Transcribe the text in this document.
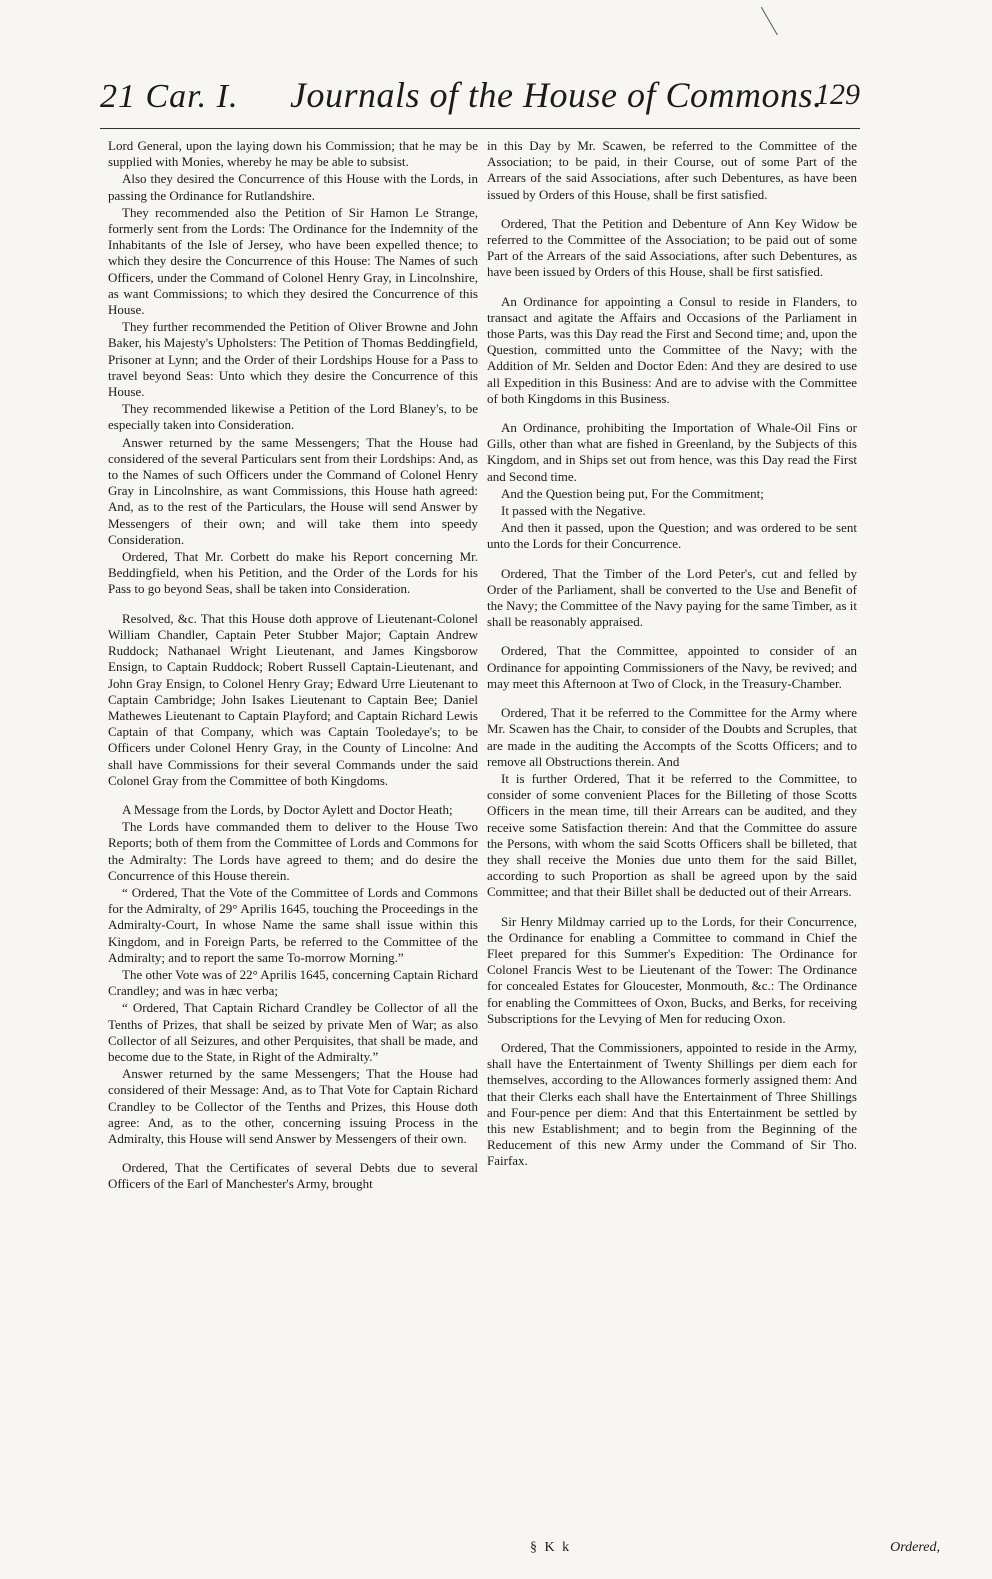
21 Car. I. Journals of the House of Commons.
129

Lord General, upon the laying down his Commission; that he may be supplied with Monies, whereby he may be able to subsist.

Also they desired the Concurrence of this House with the Lords, in passing the Ordinance for Rutlandshire.

They recommended also the Petition of Sir Hamon Le Strange, formerly sent from the Lords: The Ordinance for the Indemnity of the Inhabitants of the Isle of Jersey, who have been expelled thence; to which they desire the Concurrence of this House: The Names of such Officers, under the Command of Colonel Henry Gray, in Lincolnshire, as want Commissions; to which they desired the Concurrence of this House.

They further recommended the Petition of Oliver Browne and John Baker, his Majesty's Upholsters: The Petition of Thomas Beddingfield, Prisoner at Lynn; and the Order of their Lordships House for a Pass to travel beyond Seas: Unto which they desire the Concurrence of this House.

They recommended likewise a Petition of the Lord Blaney's, to be especially taken into Consideration.

Answer returned by the same Messengers; That the House had considered of the several Particulars sent from their Lordships: And, as to the Names of such Officers under the Command of Colonel Henry Gray in Lincolnshire, as want Commissions, this House hath agreed: And, as to the rest of the Particulars, the House will send Answer by Messengers of their own; and will take them into speedy Consideration.

Ordered, That Mr. Corbett do make his Report concerning Mr. Beddingfield, when his Petition, and the Order of the Lords for his Pass to go beyond Seas, shall be taken into Consideration.

Resolved, &c. That this House doth approve of Lieutenant-Colonel William Chandler, Captain Peter Stubber Major; Captain Andrew Ruddock; Nathanael Wright Lieutenant, and James Kingsborow Ensign, to Captain Ruddock; Robert Russell Captain-Lieutenant, and John Gray Ensign, to Colonel Henry Gray; Edward Urre Lieutenant to Captain Cambridge; John Isakes Lieutenant to Captain Bee; Daniel Mathewes Lieutenant to Captain Playford; and Captain Richard Lewis Captain of that Company, which was Captain Tooledaye's; to be Officers under Colonel Henry Gray, in the County of Lincolne: And shall have Commissions for their several Commands under the said Colonel Gray from the Committee of both Kingdoms.

A Message from the Lords, by Doctor Aylett and Doctor Heath;

The Lords have commanded them to deliver to the House Two Reports; both of them from the Committee of Lords and Commons for the Admiralty: The Lords have agreed to them; and do desire the Concurrence of this House therein.

“ Ordered, That the Vote of the Committee of Lords and Commons for the Admiralty, of 29° Aprilis 1645, touching the Proceedings in the Admiralty-Court, In whose Name the same shall issue within this Kingdom, and in Foreign Parts, be referred to the Committee of the Admiralty; and to report the same To-morrow Morning.”

The other Vote was of 22° Aprilis 1645, concerning Captain Richard Crandley; and was in hæc verba;

“ Ordered, That Captain Richard Crandley be Collector of all the Tenths of Prizes, that shall be seized by private Men of War; as also Collector of all Seizures, and other Perquisites, that shall be made, and become due to the State, in Right of the Admiralty.”

Answer returned by the same Messengers; That the House had considered of their Message: And, as to That Vote for Captain Richard Crandley to be Collector of the Tenths and Prizes, this House doth agree: And, as to the other, concerning issuing Process in the Admiralty, this House will send Answer by Messengers of their own.

Ordered, That the Certificates of several Debts due to several Officers of the Earl of Manchester's Army, brought

in this Day by Mr. Scawen, be referred to the Committee of the Association; to be paid, in their Course, out of some Part of the Arrears of the said Associations, after such Debentures, as have been issued by Orders of this House, shall be first satisfied.

Ordered, That the Petition and Debenture of Ann Key Widow be referred to the Committee of the Association; to be paid out of some Part of the Arrears of the said Associations, after such Debentures, as have been issued by Orders of this House, shall be first satisfied.

An Ordinance for appointing a Consul to reside in Flanders, to transact and agitate the Affairs and Occasions of the Parliament in those Parts, was this Day read the First and Second time; and, upon the Question, committed unto the Committee of the Navy; with the Addition of Mr. Selden and Doctor Eden: And they are desired to use all Expedition in this Business: And are to advise with the Committee of both Kingdoms in this Business.

An Ordinance, prohibiting the Importation of Whale-Oil Fins or Gills, other than what are fished in Greenland, by the Subjects of this Kingdom, and in Ships set out from hence, was this Day read the First and Second time.

And the Question being put, For the Commitment;

It passed with the Negative.

And then it passed, upon the Question; and was ordered to be sent unto the Lords for their Concurrence.

Ordered, That the Timber of the Lord Peter's, cut and felled by Order of the Parliament, shall be converted to the Use and Benefit of the Navy; the Committee of the Navy paying for the same Timber, as it shall be reasonably appraised.

Ordered, That the Committee, appointed to consider of an Ordinance for appointing Commissioners of the Navy, be revived; and may meet this Afternoon at Two of Clock, in the Treasury-Chamber.

Ordered, That it be referred to the Committee for the Army where Mr. Scawen has the Chair, to consider of the Doubts and Scruples, that are made in the auditing the Accompts of the Scotts Officers; and to remove all Obstructions therein. And

It is further Ordered, That it be referred to the Committee, to consider of some convenient Places for the Billeting of those Scotts Officers in the mean time, till their Arrears can be audited, and they receive some Satisfaction therein: And that the Committee do assure the Persons, with whom the said Scotts Officers shall be billeted, that they shall receive the Monies due unto them for the said Billet, according to such Proportion as shall be agreed upon by the said Committee; and that their Billet shall be deducted out of their Arrears.

Sir Henry Mildmay carried up to the Lords, for their Concurrence, the Ordinance for enabling a Committee to command in Chief the Fleet prepared for this Summer's Expedition: The Ordinance for Colonel Francis West to be Lieutenant of the Tower: The Ordinance for concealed Estates for Gloucester, Monmouth, &c.: The Ordinance for enabling the Committees of Oxon, Bucks, and Berks, for receiving Subscriptions for the Levying of Men for reducing Oxon.

Ordered, That the Commissioners, appointed to reside in the Army, shall have the Entertainment of Twenty Shillings per diem each for themselves, according to the Allowances formerly assigned them: And that their Clerks each shall have the Entertainment of Three Shillings and Four-pence per diem: And that this Entertainment be settled by this new Establishment; and to begin from the Beginning of the Reducement of this new Army under the Command of Sir Tho. Fairfax.

§ K k	Ordered,
